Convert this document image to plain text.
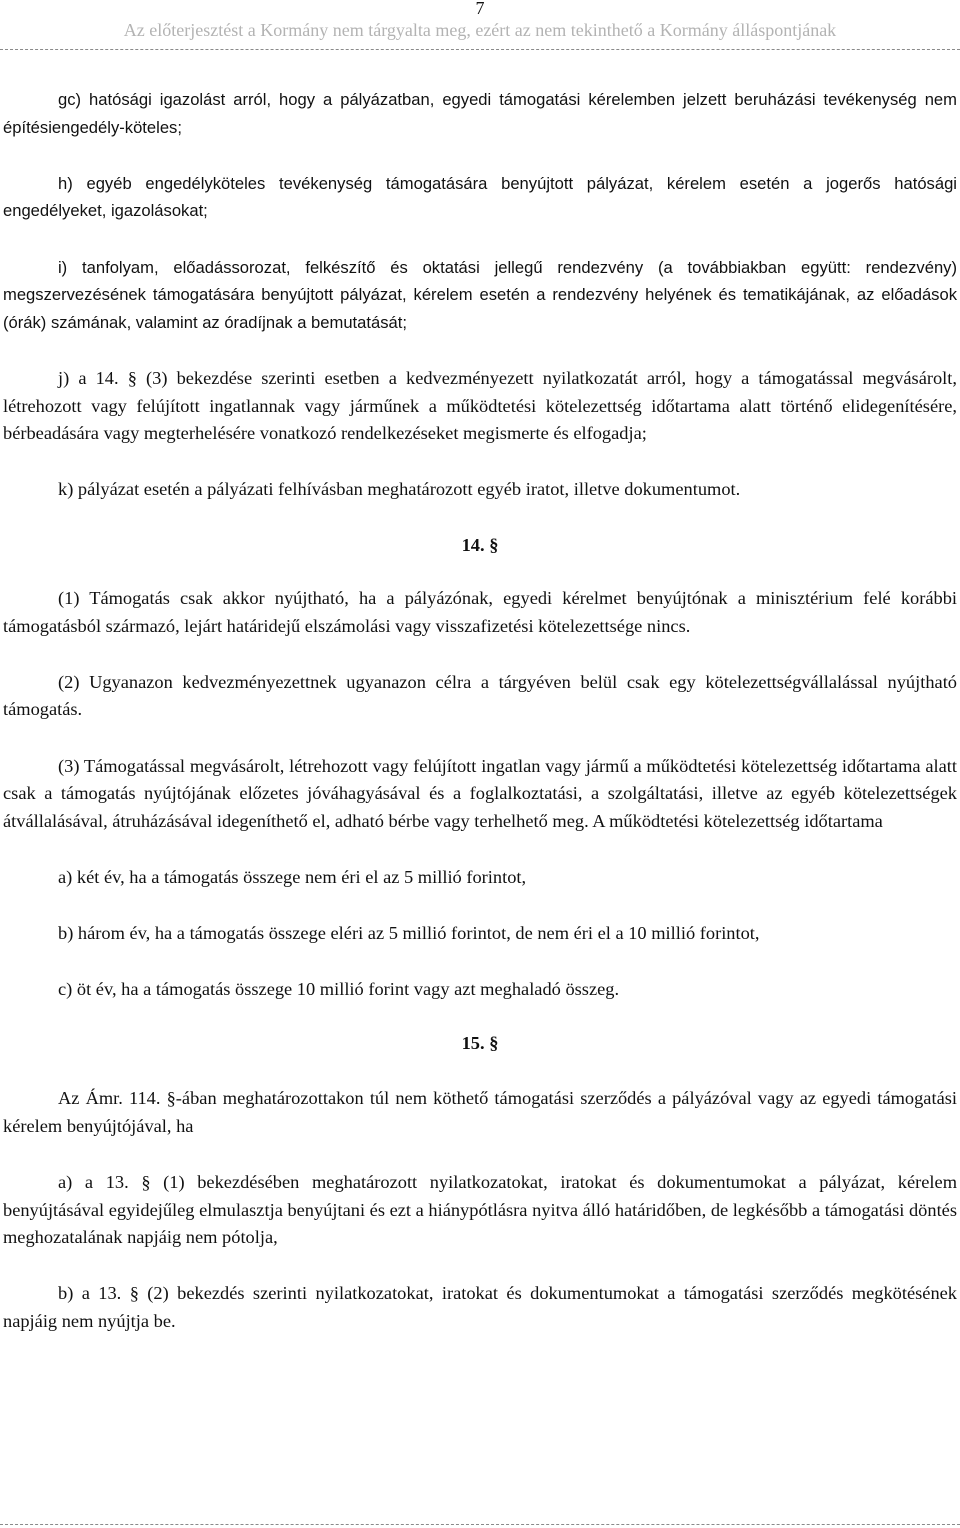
7
Az előterjesztést a Kormány nem tárgyalta meg, ezért az nem tekinthető a Kormány álláspontjának

gc) hatósági igazolást arról, hogy a pályázatban, egyedi támogatási kérelemben jelzett beruházási tevékenység nem építésiengedély-köteles;

h) egyéb engedélyköteles tevékenység támogatására benyújtott pályázat, kérelem esetén a jogerős hatósági engedélyeket, igazolásokat;

i) tanfolyam, előadássorozat, felkészítő és oktatási jellegű rendezvény (a továbbiakban együtt: rendezvény) megszervezésének támogatására benyújtott pályázat, kérelem esetén a rendezvény helyének és tematikájának, az előadások (órák) számának, valamint az óradíjnak a bemutatását;

j) a 14. § (3) bekezdése szerinti esetben a kedvezményezett nyilatkozatát arról, hogy a támogatással megvásárolt, létrehozott vagy felújított ingatlannak vagy járműnek a működtetési kötelezettség időtartama alatt történő elidegenítésére, bérbeadására vagy megterhelésére vonatkozó rendelkezéseket megismerte és elfogadja;

k) pályázat esetén a pályázati felhívásban meghatározott egyéb iratot, illetve dokumentumot.

14. §

(1) Támogatás csak akkor nyújtható, ha a pályázónak, egyedi kérelmet benyújtónak a minisztérium felé korábbi támogatásból származó, lejárt határidejű elszámolási vagy visszafizetési kötelezettsége nincs.

(2) Ugyanazon kedvezményezettnek ugyanazon célra a tárgyéven belül csak egy kötelezettségvállalással nyújtható támogatás.

(3) Támogatással megvásárolt, létrehozott vagy felújított ingatlan vagy jármű a működtetési kötelezettség időtartama alatt csak a támogatás nyújtójának előzetes jóváhagyásával és a foglalkoztatási, a szolgáltatási, illetve az egyéb kötelezettségek átvállalásával, átruházásával idegeníthető el, adható bérbe vagy terhelhető meg. A működtetési kötelezettség időtartama

a) két év, ha a támogatás összege nem éri el az 5 millió forintot,

b) három év, ha a támogatás összege eléri az 5 millió forintot, de nem éri el a 10 millió forintot,

c) öt év, ha a támogatás összege 10 millió forint vagy azt meghaladó összeg.

15. §

Az Ámr. 114. §-ában meghatározottakon túl nem köthető támogatási szerződés a pályázóval vagy az egyedi támogatási kérelem benyújtójával, ha

a) a 13. § (1) bekezdésében meghatározott nyilatkozatokat, iratokat és dokumentumokat a pályázat, kérelem benyújtásával egyidejűleg elmulasztja benyújtani és ezt a hiánypótlásra nyitva álló határidőben, de legkésőbb a támogatási döntés meghozatalának napjáig nem pótolja,

b) a 13. § (2) bekezdés szerinti nyilatkozatokat, iratokat és dokumentumokat a támogatási szerződés megkötésének napjáig nem nyújtja be.
